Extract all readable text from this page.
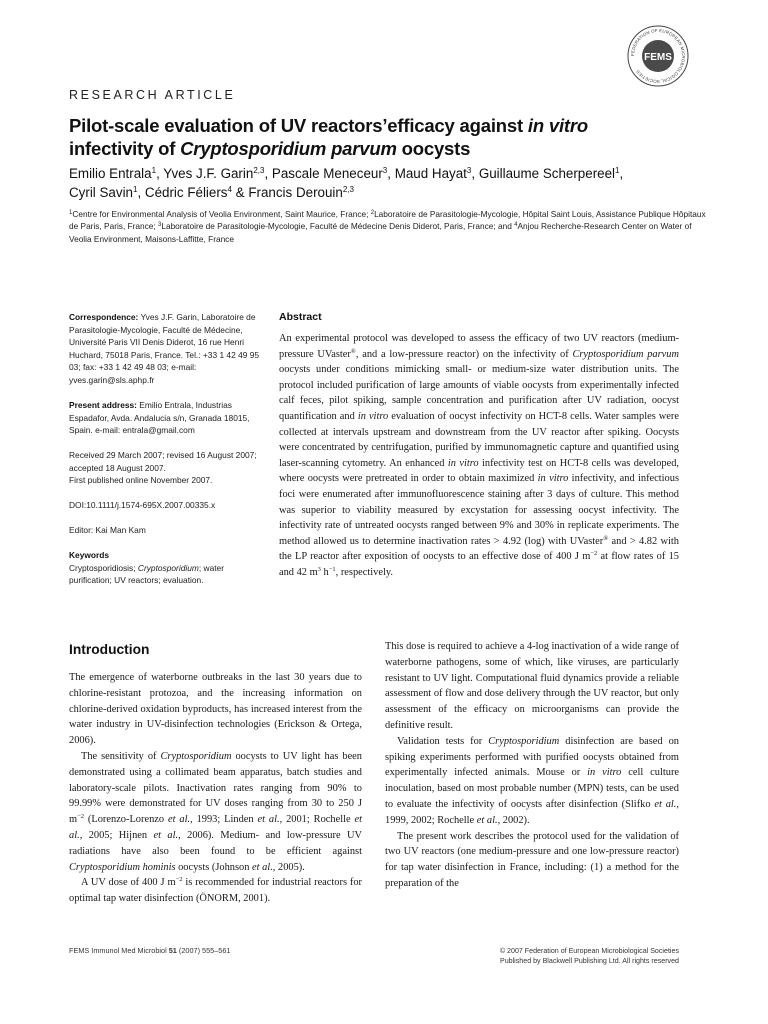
FEDERATION OF EUROPEAN MICROBIOLOGICAL SOCIETIES
FEMS
RESEARCH ARTICLE
Pilot-scale evaluation of UV reactors’efficacy against in vitro infectivity of Cryptosporidium parvum oocysts
Emilio Entrala$^1$, Yves J.F. Garin$^{2,3}$, Pascale Meneceur$^3$, Maud Hayat$^3$, Guillaume Scherpereel$^1$,
Cyril Savin$^1$, Cédric Féliers$^4$ & Francis Derouin$^{2,3}$
$^1$Centre for Environmental Analysis of Veolia Environment, Saint Maurice, France; $^2$Laboratoire de Parasitologie-Mycologie, Hôpital Saint Louis, Assistance Publique Hôpitaux de Paris, Paris, France; $^3$Laboratoire de Parasitologie-Mycologie, Faculté de Médecine Denis Diderot, Paris, France; and $^4$Anjou Recherche-Research Center on Water of Veolia Environment, Maisons-Laffitte, France

Correspondence: Yves J.F. Garin, Laboratoire de Parasitologie-Mycologie, Faculté de Médecine, Université Paris VII Denis Diderot, 16 rue Henri Huchard, 75018 Paris, France. Tel.: +33 1 42 49 95 03; fax: +33 1 42 49 48 03; e-mail: yves.garin@sls.aphp.fr

Present address: Emilio Entrala, Industrias Espadafor, Avda. Andalucia s/n, Granada 18015, Spain. e-mail: entrala@gmail.com

Received 29 March 2007; revised 16 August 2007; accepted 18 August 2007.
First published online November 2007.

DOI:10.1111/j.1574-695X.2007.00335.x

Editor: Kai Man Kam

Keywords
Cryptosporidiosis; Cryptosporidium; water purification; UV reactors; evaluation.
Abstract

An experimental protocol was developed to assess the efficacy of two UV reactors (medium-pressure UVaster®, and a low-pressure reactor) on the infectivity of Cryptosporidium parvum oocysts under conditions mimicking small- or medium-size water distribution units. The protocol included purification of large amounts of viable oocysts from experimentally infected calf feces, pilot spiking, sample concentration and purification after UV radiation, oocyst quantification and in vitro evaluation of oocyst infectivity on HCT-8 cells. Water samples were collected at intervals upstream and downstream from the UV reactor after spiking. Oocysts were concentrated by centrifugation, purified by immunomagnetic capture and quantified using laser-scanning cytometry. An enhanced in vitro infectivity test on HCT-8 cells was developed, where oocysts were pretreated in order to obtain maximized in vitro infectivity, and infectious foci were enumerated after immunofluorescence staining after 3 days of culture. This method was superior to viability measured by excystation for assessing oocyst infectivity. The infectivity rate of untreated oocysts ranged between 9% and 30% in replicate experiments. The method allowed us to determine inactivation rates > 4.92 (log) with UVaster® and > 4.82 with the LP reactor after exposition of oocysts to an effective dose of 400 J $m^{-2}$ at flow rates of 15 and 42 $m^3$ $h^{-1}$, respectively.

Introduction

The emergence of waterborne outbreaks in the last 30 years due to chlorine-resistant protozoa, and the increasing information on chlorine-derived oxidation byproducts, has increased interest from the water industry in UV-disinfection technologies (Erickson & Ortega, 2006).

The sensitivity of Cryptosporidium oocysts to UV light has been demonstrated using a collimated beam apparatus, batch studies and laboratory-scale pilots. Inactivation rates ranging from 90% to 99.99% were demonstrated for UV doses ranging from 30 to 250 J $m^{-2}$ (Lorenzo-Lorenzo et al., 1993; Linden et al., 2001; Rochelle et al., 2005; Hijnen et al., 2006). Medium- and low-pressure UV radiations have also been found to be efficient against Cryptosporidium hominis oocysts (Johnson et al., 2005).

A UV dose of 400 J $m^{-2}$ is recommended for industrial reactors for optimal tap water disinfection (ÖNORM, 2001).

This dose is required to achieve a 4-log inactivation of a wide range of waterborne pathogens, some of which, like viruses, are particularly resistant to UV light. Computational fluid dynamics provide a reliable assessment of flow and dose delivery through the UV reactor, but only assessment of the efficacy on microorganisms can provide the definitive result.

Validation tests for Cryptosporidium disinfection are based on spiking experiments performed with purified oocysts obtained from experimentally infected animals. Mouse or in vitro cell culture inoculation, based on most probable number (MPN) tests, can be used to evaluate the infectivity of oocysts after disinfection (Slifko et al., 1999, 2002; Rochelle et al., 2002).

The present work describes the protocol used for the validation of two UV reactors (one medium-pressure and one low-pressure reactor) for tap water disinfection in France, including: (1) a method for the preparation of the

FEMS Immunol Med Microbiol 51 (2007) 555–561	© 2007 Federation of European Microbiological Societies
Published by Blackwell Publishing Ltd. All rights reserved
